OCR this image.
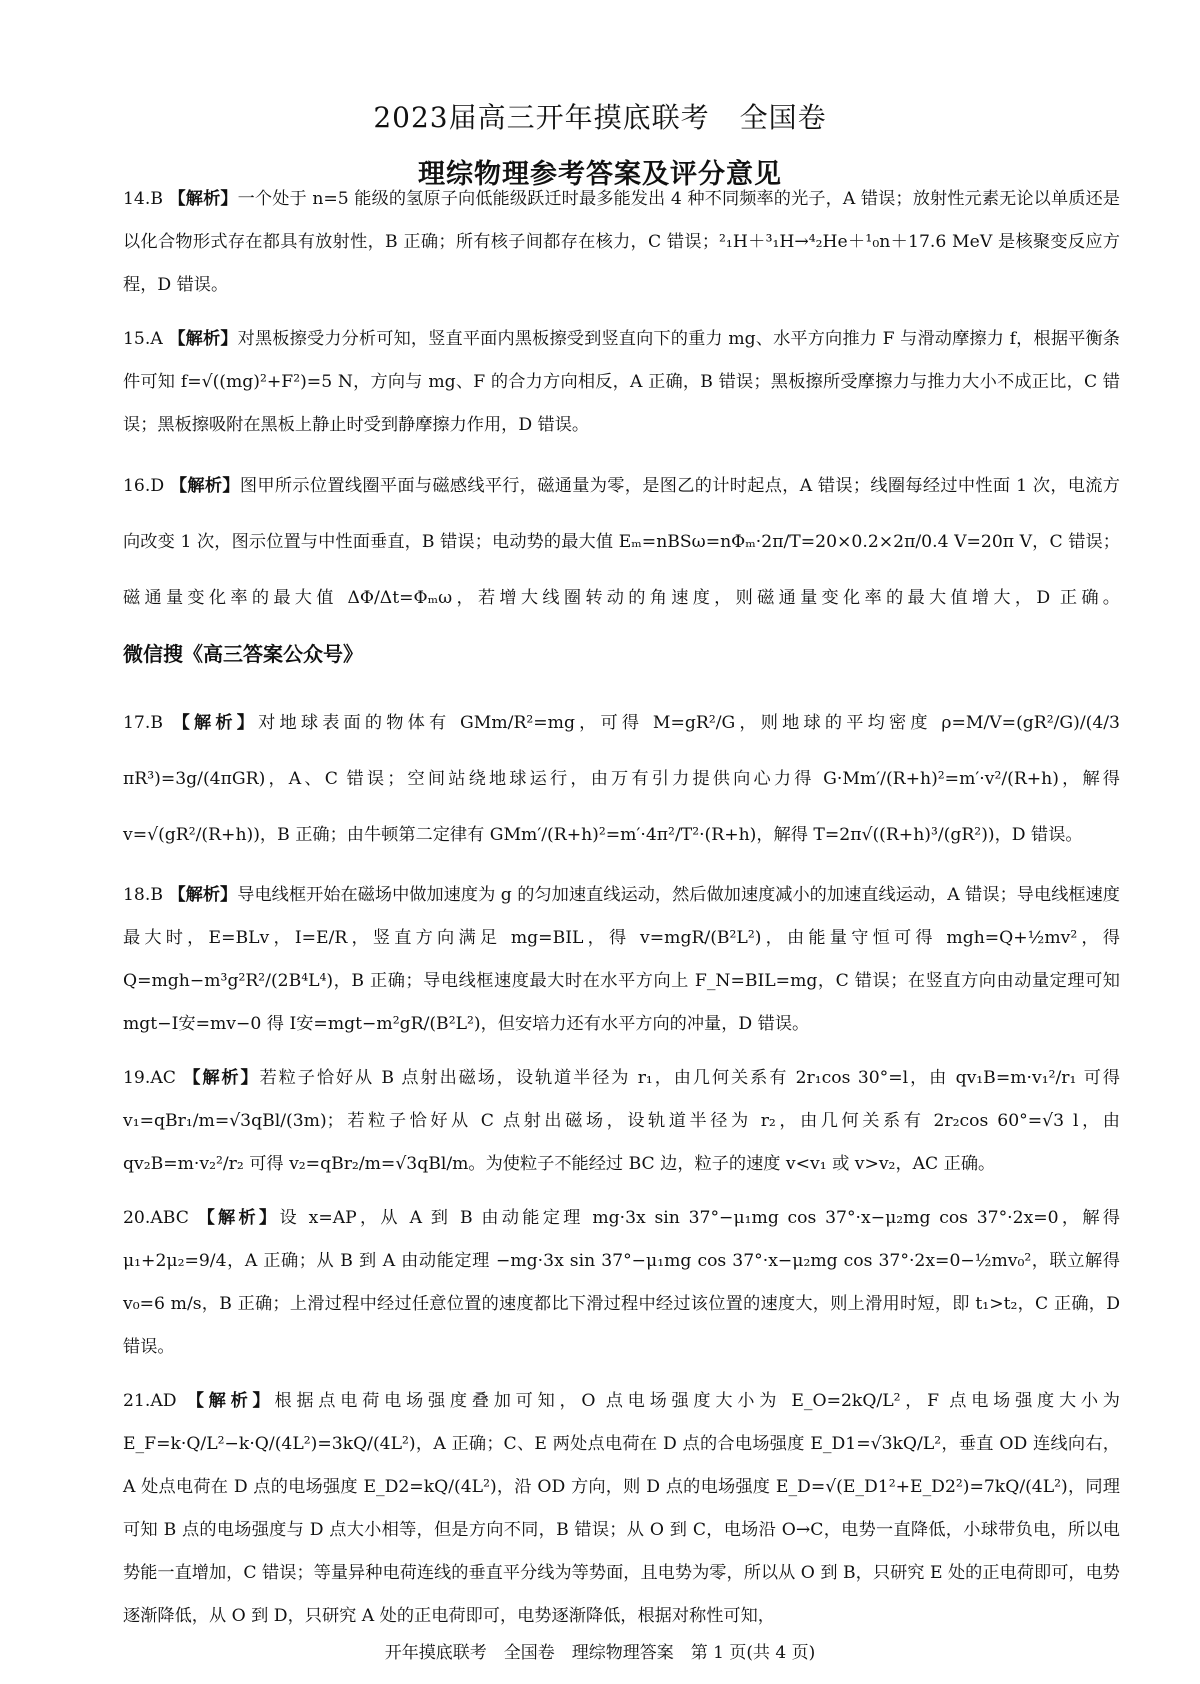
2023届高三开年摸底联考 全国卷
理综物理参考答案及评分意见

14.B 【解析】一个处于 n=5 能级的氢原子向低能级跃迁时最多能发出 4 种不同频率的光子，A 错误；放射性元素无论以单质还是以化合物形式存在都具有放射性，B 正确；所有核子间都存在核力，C 错误；²₁H＋³₁H→⁴₂He＋¹₀n＋17.6 MeV 是核聚变反应方程，D 错误。

15.A 【解析】对黑板擦受力分析可知，竖直平面内黑板擦受到竖直向下的重力 mg、水平方向推力 F 与滑动摩擦力 f，根据平衡条件可知 f=√((mg)²+F²)=5 N，方向与 mg、F 的合力方向相反，A 正确，B 错误；黑板擦所受摩擦力与推力大小不成正比，C 错误；黑板擦吸附在黑板上静止时受到静摩擦力作用，D 错误。

16.D 【解析】图甲所示位置线圈平面与磁感线平行，磁通量为零，是图乙的计时起点，A 错误；线圈每经过中性面 1 次，电流方向改变 1 次，图示位置与中性面垂直，B 错误；电动势的最大值 Eₘ=nBSω=nΦₘ·2π/T=20×0.2×2π/0.4 V=20π V，C 错误；磁通量变化率的最大值 ΔΦ/Δt=Φₘω，若增大线圈转动的角速度，则磁通量变化率的最大值增大，D 正确。微信搜《高三答案公众号》

17.B 【解析】对地球表面的物体有 GMm/R²=mg，可得 M=gR²/G，则地球的平均密度 ρ=M/V=(gR²/G)/(4/3 πR³)=3g/(4πGR)，A、C 错误；空间站绕地球运行，由万有引力提供向心力得 G·Mm′/(R+h)²=m′·v²/(R+h)，解得 v=√(gR²/(R+h))，B 正确；由牛顿第二定律有 GMm′/(R+h)²=m′·4π²/T²·(R+h)，解得 T=2π√((R+h)³/(gR²))，D 错误。

18.B 【解析】导电线框开始在磁场中做加速度为 g 的匀加速直线运动，然后做加速度减小的加速直线运动，A 错误；导电线框速度最大时，E=BLv，I=E/R，竖直方向满足 mg=BIL，得 v=mgR/(B²L²)，由能量守恒可得 mgh=Q+½mv²，得 Q=mgh−m³g²R²/(2B⁴L⁴)，B 正确；导电线框速度最大时在水平方向上 F_N=BIL=mg，C 错误；在竖直方向由动量定理可知 mgt−I安=mv−0 得 I安=mgt−m²gR/(B²L²)，但安培力还有水平方向的冲量，D 错误。

19.AC 【解析】若粒子恰好从 B 点射出磁场，设轨道半径为 r₁，由几何关系有 2r₁cos 30°=l，由 qv₁B=m·v₁²/r₁ 可得 v₁=qBr₁/m=√3qBl/(3m)；若粒子恰好从 C 点射出磁场，设轨道半径为 r₂，由几何关系有 2r₂cos 60°=√3 l，由 qv₂B=m·v₂²/r₂ 可得 v₂=qBr₂/m=√3qBl/m。为使粒子不能经过 BC 边，粒子的速度 v<v₁ 或 v>v₂，AC 正确。

20.ABC 【解析】设 x=AP，从 A 到 B 由动能定理 mg·3x sin 37°−μ₁mg cos 37°·x−μ₂mg cos 37°·2x=0，解得 μ₁+2μ₂=9/4，A 正确；从 B 到 A 由动能定理 −mg·3x sin 37°−μ₁mg cos 37°·x−μ₂mg cos 37°·2x=0−½mv₀²，联立解得 v₀=6 m/s，B 正确；上滑过程中经过任意位置的速度都比下滑过程中经过该位置的速度大，则上滑用时短，即 t₁>t₂，C 正确，D 错误。

21.AD 【解析】根据点电荷电场强度叠加可知，O 点电场强度大小为 E_O=2kQ/L²，F 点电场强度大小为 E_F=k·Q/L²−k·Q/(4L²)=3kQ/(4L²)，A 正确；C、E 两处点电荷在 D 点的合电场强度 E_D1=√3kQ/L²，垂直 OD 连线向右，A 处点电荷在 D 点的电场强度 E_D2=kQ/(4L²)，沿 OD 方向，则 D 点的电场强度 E_D=√(E_D1²+E_D2²)=7kQ/(4L²)，同理可知 B 点的电场强度与 D 点大小相等，但是方向不同，B 错误；从 O 到 C，电场沿 O→C，电势一直降低，小球带负电，所以电势能一直增加，C 错误；等量异种电荷连线的垂直平分线为等势面，且电势为零，所以从 O 到 B，只研究 E 处的正电荷即可，电势逐渐降低，从 O 到 D，只研究 A 处的正电荷即可，电势逐渐降低，根据对称性可知，

开年摸底联考　全国卷　理综物理答案　第 1 页(共 4 页)
